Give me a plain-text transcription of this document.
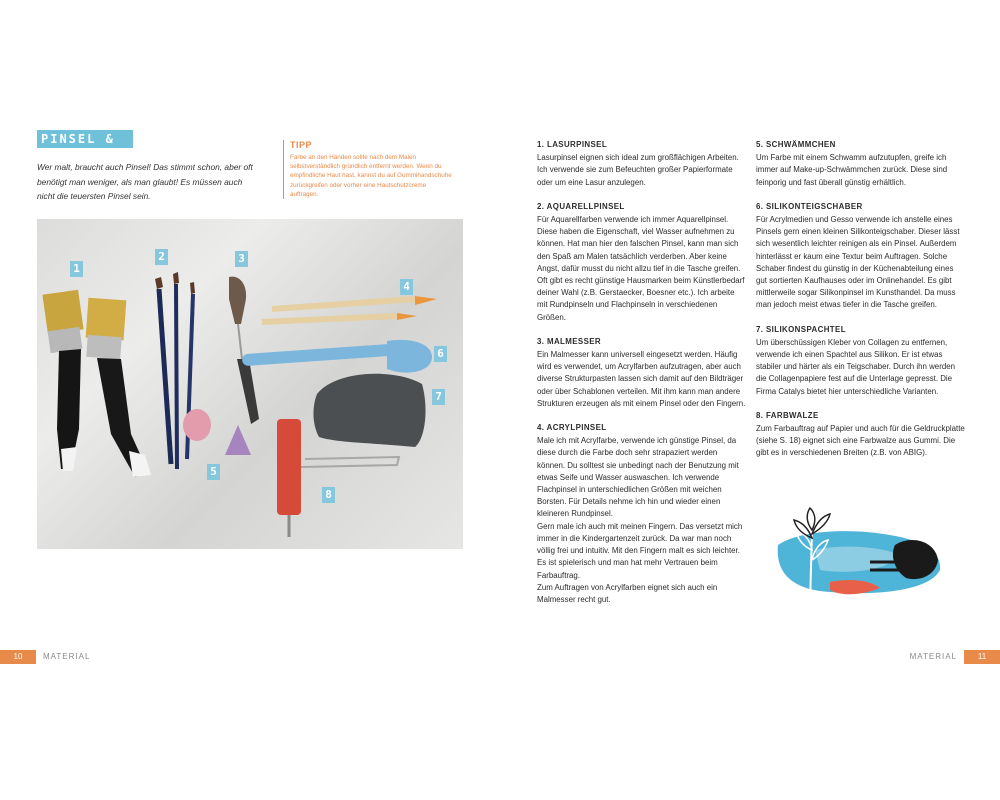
PINSEL & CO.

Wer malt, braucht auch Pinsel! Das stimmt schon, aber oft benötigt man weniger, als man glaubt! Es müssen auch nicht die teuersten Pinsel sein.

TIPP
Farbe an den Händen sollte nach dem Malen selbstverständlich gründlich entfernt werden. Wenn du empfindliche Haut hast, kannst du auf Gummihandschuhe zurückgreifen oder vorher eine Hautschutzcreme auftragen.
1
2	3
4
5
6
7
8
1. LASURPINSEL

Lasurpinsel eignen sich ideal zum großflächigen Arbeiten. Ich verwende sie zum Befeuchten großer Papierformate oder um eine Lasur anzulegen.

2. AQUARELLPINSEL

Für Aquarellfarben verwende ich immer Aquarellpinsel. Diese haben die Eigenschaft, viel Wasser aufnehmen zu können. Hat man hier den falschen Pinsel, kann man sich den Spaß am Malen tatsächlich verderben. Aber keine Angst, dafür musst du nicht allzu tief in die Tasche greifen. Oft gibt es recht günstige Hausmarken beim Künstlerbedarf deiner Wahl (z.B. Gerstaecker, Boesner etc.). Ich arbeite mit Rundpinseln und Flachpinseln in verschiedenen Größen.

3. MALMESSER

Ein Malmesser kann universell eingesetzt werden. Häufig wird es verwendet, um Acrylfarben aufzutragen, aber auch diverse Strukturpasten lassen sich damit auf den Bildträger oder über Schablonen verteilen. Mit ihm kann man andere Strukturen erzeugen als mit einem Pinsel oder den Fingern.

4. ACRYLPINSEL

Male ich mit Acrylfarbe, verwende ich günstige Pinsel, da diese durch die Farbe doch sehr strapaziert werden können. Du solltest sie unbedingt nach der Benutzung mit etwas Seife und Wasser auswaschen. Ich verwende Flachpinsel in unterschiedlichen Größen mit weichen Borsten. Für Details nehme ich hin und wieder einen kleineren Rundpinsel.

Gern male ich auch mit meinen Fingern. Das versetzt mich immer in die Kindergartenzeit zurück. Da war man noch völlig frei und intuitiv. Mit den Fingern malt es sich leichter. Es ist spielerisch und man hat mehr Vertrauen beim Farbauftrag.

Zum Auftragen von Acrylfarben eignet sich auch ein Malmesser recht gut.

5. SCHWÄMMCHEN

Um Farbe mit einem Schwamm aufzutupfen, greife ich immer auf Make-up-Schwämmchen zurück. Diese sind feinporig und fast überall günstig erhältlich.

6. SILIKONTEIGSCHABER

Für Acrylmedien und Gesso verwende ich anstelle eines Pinsels gern einen kleinen Silikonteigschaber. Dieser lässt sich wesentlich leichter reinigen als ein Pinsel. Außerdem hinterlässt er kaum eine Textur beim Auftragen. Solche Schaber findest du günstig in der Küchenabteilung eines gut sortierten Kaufhauses oder im Onlinehandel. Es gibt mittlerweile sogar Silikonpinsel im Kunsthandel. Da muss man jedoch meist etwas tiefer in die Tasche greifen.

7. SILIKONSPACHTEL

Um überschüssigen Kleber von Collagen zu entfernen, verwende ich einen Spachtel aus Silikon. Er ist etwas stabiler und härter als ein Teigschaber. Durch ihn werden die Collagenpapiere fest auf die Unterlage gepresst. Die Firma Catalys bietet hier unterschiedliche Varianten.

8. FARBWALZE

Zum Farbauftrag auf Papier und auch für die Geldruckplatte (siehe S. 18) eignet sich eine Farbwalze aus Gummi. Die gibt es in verschiedenen Breiten (z.B. von ABIG).

10	MATERIAL	MATERIAL	11
